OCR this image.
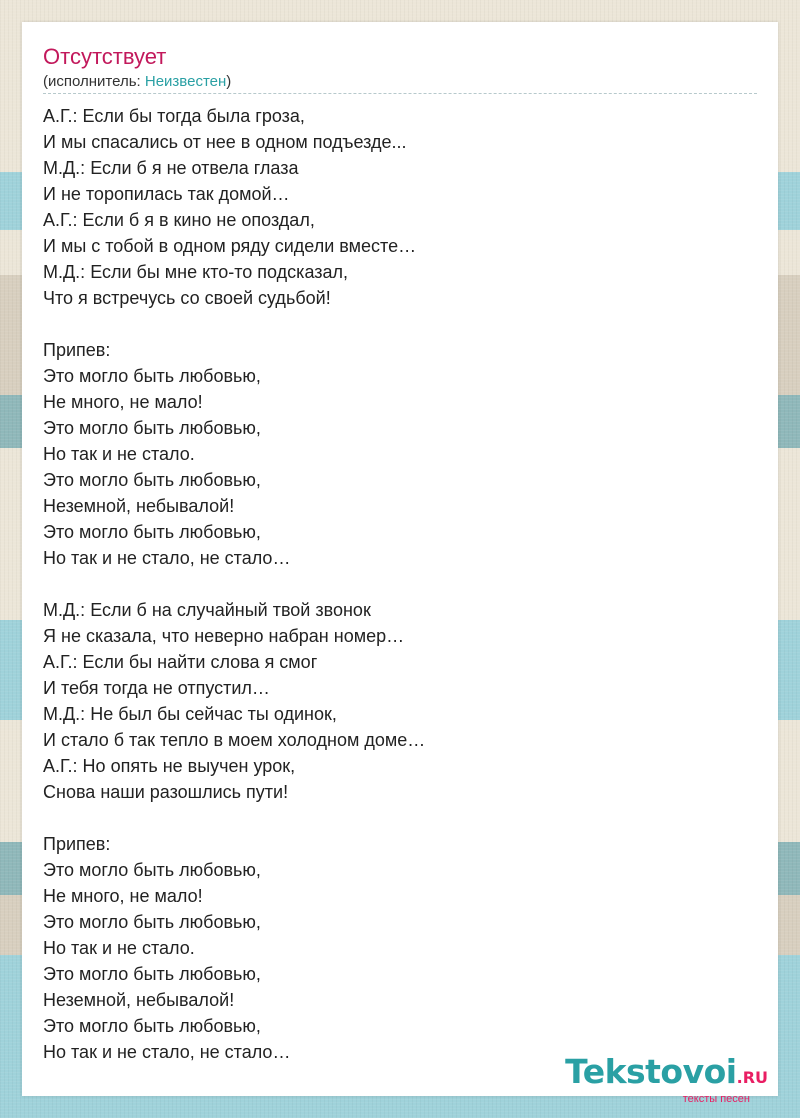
Отсутствует
(исполнитель: Неизвестен)
А.Г.: Если бы тогда была гроза,
И мы спасались от нее в одном подъезде...
М.Д.: Если б я не отвела глаза
И не торопилась так домой…
А.Г.: Если б я в кино не опоздал,
И мы с тобой в одном ряду сидели вместе…
М.Д.: Если бы мне кто-то подсказал,
Что я встречусь со своей судьбой!
Припев:
Это могло быть любовью,
Не много, не мало!
Это могло быть любовью,
Но так и не стало.
Это могло быть любовью,
Неземной, небывалой!
Это могло быть любовью,
Но так и не стало, не стало…
М.Д.: Если б на случайный твой звонок
Я не сказала, что неверно набран номер…
А.Г.: Если бы найти слова я смог
И тебя тогда не отпустил…
М.Д.: Не был бы сейчас ты одинок,
И стало б так тепло в моем холодном доме…
А.Г.: Но опять не выучен урок,
Снова наши разошлись пути!
Припев:
Это могло быть любовью,
Не много, не мало!
Это могло быть любовью,
Но так и не стало.
Это могло быть любовью,
Неземной, небывалой!
Это могло быть любовью,
Но так и не стало, не стало…	Tekstovoi.RU
тексты песен
